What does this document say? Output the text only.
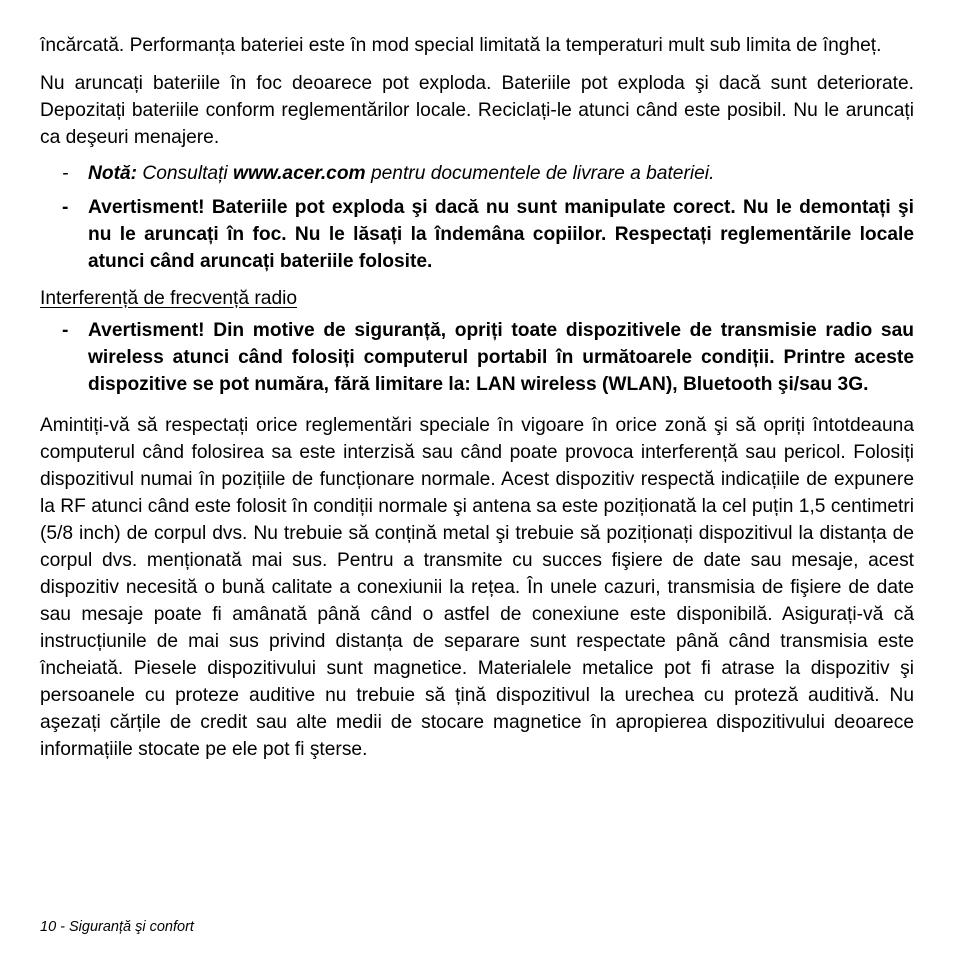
încărcată. Performanța bateriei este în mod special limitată la temperaturi mult sub limita de îngheț.

Nu aruncați bateriile în foc deoarece pot exploda. Bateriile pot exploda şi dacă sunt deteriorate. Depozitați bateriile conform reglementărilor locale. Reciclați-le atunci când este posibil. Nu le aruncați ca deşeuri menajere.

- Notă: Consultați www.acer.com pentru documentele de livrare a bateriei.
- Avertisment! Bateriile pot exploda şi dacă nu sunt manipulate corect. Nu le demontați şi nu le aruncați în foc. Nu le lăsați la îndemâna copiilor. Respectați reglementările locale atunci când aruncați bateriile folosite.
Interferență de frecvență radio
- Avertisment! Din motive de siguranță, opriți toate dispozitivele de transmisie radio sau wireless atunci când folosiți computerul portabil în următoarele condiții. Printre aceste dispozitive se pot număra, fără limitare la: LAN wireless (WLAN), Bluetooth şi/sau 3G.

Amintiți-vă să respectați orice reglementări speciale în vigoare în orice zonă şi să opriți întotdeauna computerul când folosirea sa este interzisă sau când poate provoca interferență sau pericol. Folosiți dispozitivul numai în pozițiile de funcționare normale. Acest dispozitiv respectă indicațiile de expunere la RF atunci când este folosit în condiții normale şi antena sa este poziționată la cel puțin 1,5 centimetri (5/8 inch) de corpul dvs. Nu trebuie să conțină metal şi trebuie să poziționați dispozitivul la distanța de corpul dvs. menționată mai sus. Pentru a transmite cu succes fişiere de date sau mesaje, acest dispozitiv necesită o bună calitate a conexiunii la rețea. În unele cazuri, transmisia de fişiere de date sau mesaje poate fi amânată până când o astfel de conexiune este disponibilă. Asigurați-vă că instrucțiunile de mai sus privind distanța de separare sunt respectate până când transmisia este încheiată. Piesele dispozitivului sunt magnetice. Materialele metalice pot fi atrase la dispozitiv şi persoanele cu proteze auditive nu trebuie să țină dispozitivul la urechea cu proteză auditivă. Nu aşezați cărțile de credit sau alte medii de stocare magnetice în apropierea dispozitivului deoarece informațiile stocate pe ele pot fi şterse.

10 - Siguranță şi confort
